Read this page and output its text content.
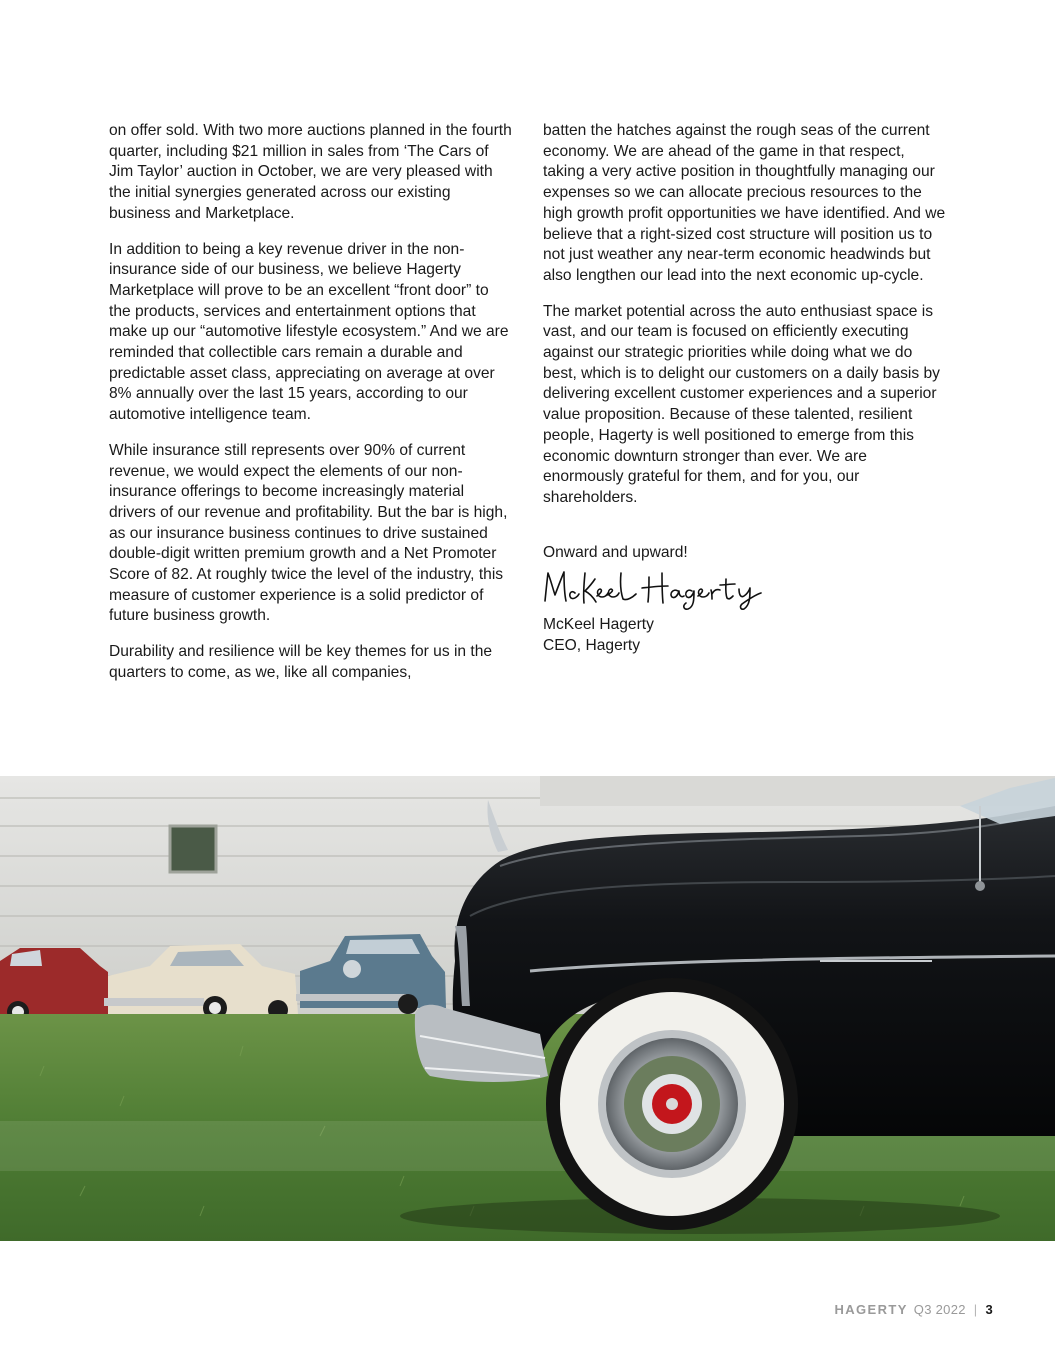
on offer sold. With two more auctions planned in the fourth quarter, including $21 million in sales from ‘The Cars of Jim Taylor’ auction in October, we are very pleased with the initial synergies generated across our existing business and Marketplace.

In addition to being a key revenue driver in the non-insurance side of our business, we believe Hagerty Marketplace will prove to be an excellent “front door” to the products, services and entertainment options that make up our “automotive lifestyle ecosystem.” And we are reminded that collectible cars remain a durable and predictable asset class, appreciating on average at over 8% annually over the last 15 years, according to our automotive intelligence team.

While insurance still represents over 90% of current revenue, we would expect the elements of our non-insurance offerings to become increasingly material drivers of our revenue and profitability. But the bar is high, as our insurance business continues to drive sustained double-digit written premium growth and a Net Promoter Score of 82. At roughly twice the level of the industry, this measure of customer experience is a solid predictor of future business growth.

Durability and resilience will be key themes for us in the quarters to come, as we, like all companies,

batten the hatches against the rough seas of the current economy. We are ahead of the game in that respect, taking a very active position in thoughtfully managing our expenses so we can allocate precious resources to the high growth profit opportunities we have identified. And we believe that a right-sized cost structure will position us to not just weather any near-term economic headwinds but also lengthen our lead into the next economic up-cycle.

The market potential across the auto enthusiast space is vast, and our team is focused on efficiently executing against our strategic priorities while doing what we do best, which is to delight our customers on a daily basis by delivering excellent customer experiences and a superior value proposition. Because of these talented, resilient people, Hagerty is well positioned to emerge from this economic downturn stronger than ever. We are enormously grateful for them, and for you, our shareholders.

Onward and upward!

McKeel Hagerty

CEO, Hagerty

HAGERTY Q3 2022 | 3
